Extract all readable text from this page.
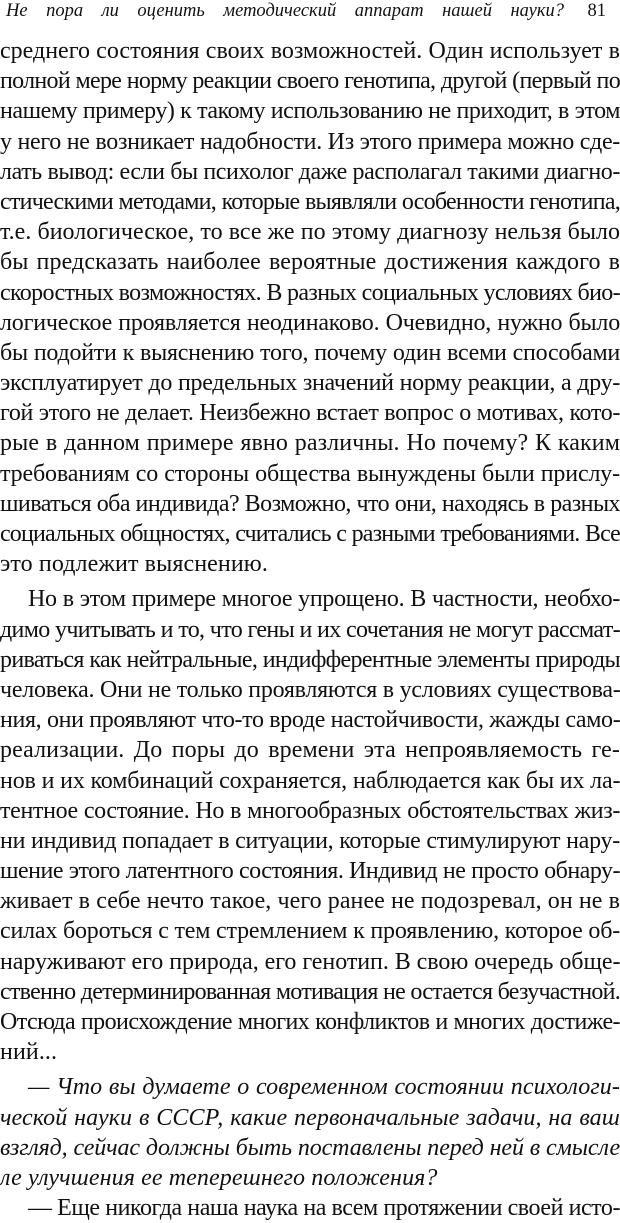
Не пора ли оценить методический аппарат нашей науки? 81
среднего состояния своих возможностей. Один использует в
полной мере норму реакции своего генотипа, другой (первый по
нашему примеру) к такому использованию не приходит, в этом
у него не возникает надобности. Из этого примера можно сде-
лать вывод: если бы психолог даже располагал такими диагно-
стическими методами, которые выявляли особенности генотипа,
т.е. биологическое, то все же по этому диагнозу нельзя было
бы предсказать наиболее вероятные достижения каждого в
скоростных возможностях. В разных социальных условиях био-
логическое проявляется неодинаково. Очевидно, нужно было
бы подойти к выяснению того, почему один всеми способами
эксплуатирует до предельных значений норму реакции, а дру-
гой этого не делает. Неизбежно встает вопрос о мотивах, кото-
рые в данном примере явно различны. Но почему? К каким
требованиям со стороны общества вынуждены были прислу-
шиваться оба индивида? Возможно, что они, находясь в разных
социальных общностях, считались с разными требованиями. Все
это подлежит выяснению.
Но в этом примере многое упрощено. В частности, необхо-
димо учитывать и то, что гены и их сочетания не могут рассмат-
риваться как нейтральные, индифферентные элементы природы
человека. Они не только проявляются в условиях существова-
ния, они проявляют что-то вроде настойчивости, жажды само-
реализации. До поры до времени эта непроявляемость ге-
нов и их комбинаций сохраняется, наблюдается как бы их ла-
тентное состояние. Но в многообразных обстоятельствах жиз-
ни индивид попадает в ситуации, которые стимулируют нару-
шение этого латентного состояния. Индивид не просто обнару-
живает в себе нечто такое, чего ранее не подозревал, он не в
силах бороться с тем стремлением к проявлению, которое об-
наруживают его природа, его генотип. В свою очередь обще-
ственно детерминированная мотивация не остается безучастной.
Отсюда происхождение многих конфликтов и многих достиже-
ний...
— Что вы думаете о современном состоянии психологи-
ческой науки в СССР, какие первоначальные задачи, на ваш
взгляд, сейчас должны быть поставлены перед ней в смысле
ле улучшения ее теперешнего положения?
— Еще никогда наша наука на всем протяжении своей исто-
